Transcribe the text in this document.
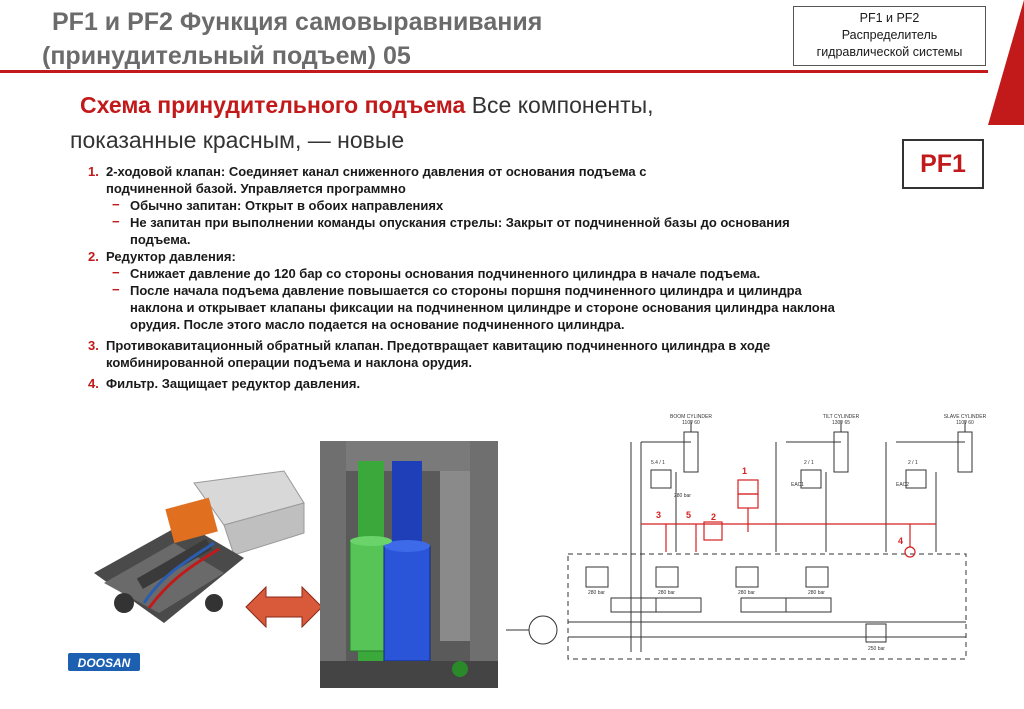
PF1 и PF2 Функция самовыравнивания
(принудительный подъем) 05
PF1 и PF2
Распределитель
гидравлической системы
Схема принудительного подъема Все компоненты,
показанные красным, — новые
PF1
1. 2-ходовой клапан: Соединяет канал сниженного давления от основания подъема с
подчиненной базой. Управляется программно
− Обычно запитан: Открыт в обоих направлениях
− Не запитан при выполнении команды опускания стрелы: Закрыт от подчиненной базы до основания
подъема.
2. Редуктор давления:
− Снижает давление до 120 бар со стороны основания подчиненного цилиндра в начале подъема.
− После начала подъема давление повышается со стороны поршня подчиненного цилиндра и цилиндра
наклона и открывает клапаны фиксации на подчиненном цилиндре и стороне основания цилиндра наклона
орудия. После этого масло подается на основание подчиненного цилиндра.
3. Противокавитационный обратный клапан. Предотвращает кавитацию подчиненного цилиндра в ходе
комбинированной операции подъема и наклона орудия.
4. Фильтр. Защищает редуктор давления.
DOOSAN
BOOM CYLINDER
110 / 60
TILT CYLINDER
130 / 65
SLAVE CYLINDER
110 / 60
5.4 / 1	2 / 1	2 / 1
EAC1	EAC2
280 bar
280 bar	280 bar	280 bar	280 bar
250 bar
1
2
3
4
5
